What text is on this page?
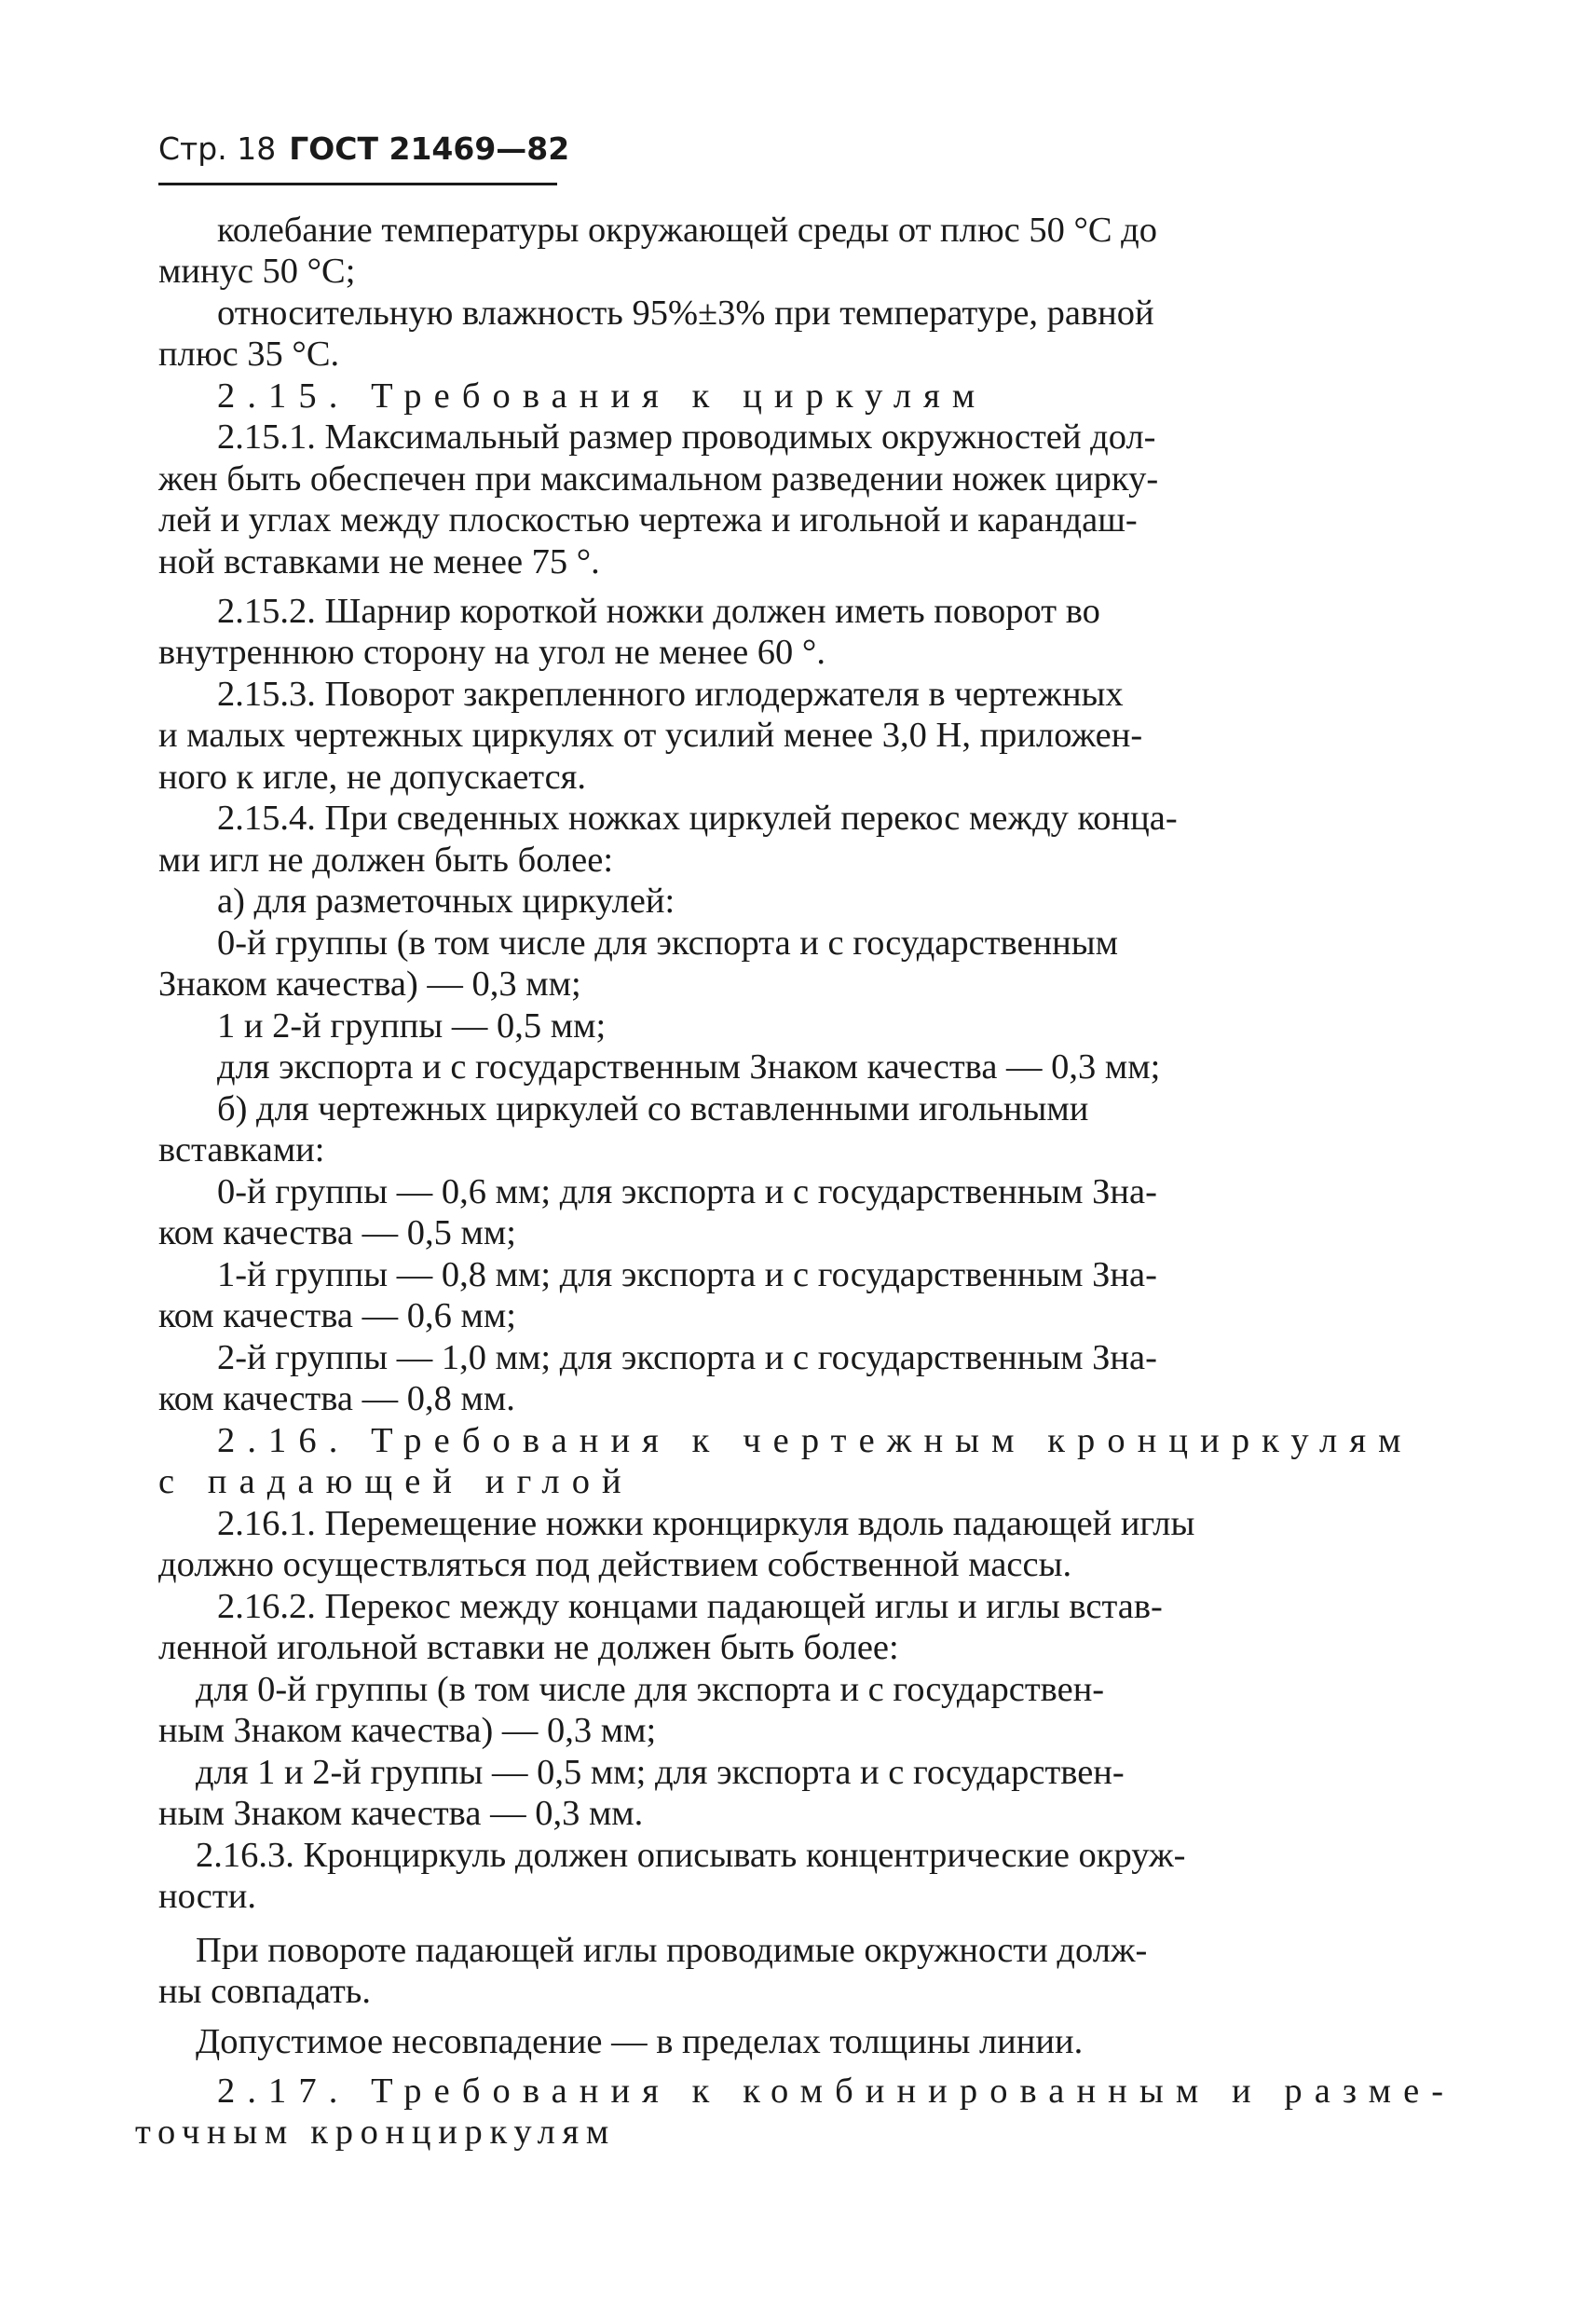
Стр. 18 ГОСТ 21469—82
колебание температуры окружающей среды от плюс 50 °С до
минус 50 °С;
относительную влажность 95%±3% при температуре, равной
плюс 35 °С.
2.15. Требования к циркулям
2.15.1. Максимальный размер проводимых окружностей дол-
жен быть обеспечен при максимальном разведении ножек цирку-
лей и углах между плоскостью чертежа и игольной и карандаш-
ной вставками не менее 75 °.
2.15.2. Шарнир короткой ножки должен иметь поворот во
внутреннюю сторону на угол не менее 60 °.
2.15.3. Поворот закрепленного иглодержателя в чертежных
и малых чертежных циркулях от усилий менее 3,0 Н, приложен-
ного к игле, не допускается.
2.15.4. При сведенных ножках циркулей перекос между конца-
ми игл не должен быть более:
а) для разметочных циркулей:
0-й группы (в том числе для экспорта и с государственным
Знаком качества) — 0,3 мм;
1 и 2-й группы — 0,5 мм;
для экспорта и с государственным Знаком качества — 0,3 мм;
б) для чертежных циркулей со вставленными игольными
вставками:
0-й группы — 0,6 мм; для экспорта и с государственным Зна-
ком качества — 0,5 мм;
1-й группы — 0,8 мм; для экспорта и с государственным Зна-
ком качества — 0,6 мм;
2-й группы — 1,0 мм; для экспорта и с государственным Зна-
ком качества — 0,8 мм.
2.16. Требования к чертежным кронциркулям
с падающей иглой
2.16.1. Перемещение ножки кронциркуля вдоль падающей иглы
должно осуществляться под действием собственной массы.
2.16.2. Перекос между концами падающей иглы и иглы встав-
ленной игольной вставки не должен быть более:
для 0-й группы (в том числе для экспорта и с государствен-
ным Знаком качества) — 0,3 мм;
для 1 и 2-й группы — 0,5 мм; для экспорта и с государствен-
ным Знаком качества — 0,3 мм.
2.16.3. Кронциркуль должен описывать концентрические окруж-
ности.
При повороте падающей иглы проводимые окружности долж-
ны совпадать.
Допустимое несовпадение — в пределах толщины линии.
2.17. Требования к комбинированным и разме-
точным кронциркулям
